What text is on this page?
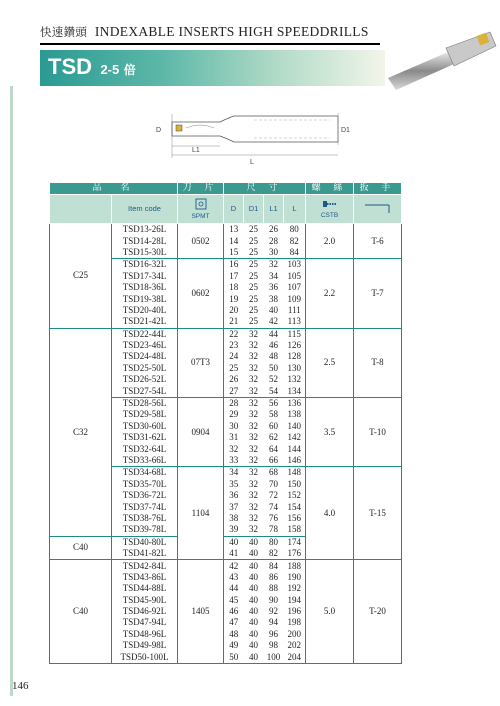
快速鑽頭 INDEXABLE INSERTS HIGH SPEEDDRILLS
TSD 2-5 倍
D	D1
L1
L
品　名		刀 片	尺 寸				螺 絲	扳 手
	Item code	SPMT	D	D1	L1	L	CSTB

C25	TSD13-26L	0502	13	25	26	80	2.0	T-6
	TSD14-28L		14	25	28	82		
	TSD15-30L		15	25	30	84		
	TSD16-32L	0602	16	25	32	103	2.2	T-7
	TSD17-34L		17	25	34	105		
	TSD18-36L		18	25	36	107		
	TSD19-38L		19	25	38	109		
	TSD20-40L		20	25	40	111		
	TSD21-42L		21	25	42	113		
C32	TSD22-44L	07T3	22	32	44	115	2.5	T-8
	TSD23-46L		23	32	46	126		
	TSD24-48L		24	32	48	128		
	TSD25-50L		25	32	50	130		
	TSD26-52L		26	32	52	132		
	TSD27-54L		27	32	54	134		
	TSD28-56L	0904	28	32	56	136	3.5	T-10
	TSD29-58L		29	32	58	138		
	TSD30-60L		30	32	60	140		
	TSD31-62L		31	32	62	142		
	TSD32-64L		32	32	64	144		
	TSD33-66L		33	32	66	146		
	TSD34-68L	1104	34	32	68	148	4.0	T-15
	TSD35-70L		35	32	70	150		
	TSD36-72L		36	32	72	152		
	TSD37-74L		37	32	74	154		
	TSD38-76L		38	32	76	156		
	TSD39-78L		39	32	78	158		
C40	TSD40-80L		40	40	80	174		
	TSD41-82L		41	40	82	176		
C40	TSD42-84L	1405	42	40	84	188	5.0	T-20
	TSD43-86L		43	40	86	190		
	TSD44-88L		44	40	88	192		
	TSD45-90L		45	40	90	194		
	TSD46-92L		46	40	92	196		
	TSD47-94L		47	40	94	198		
	TSD48-96L		48	40	96	200		
	TSD49-98L		49	40	98	202		
	TSD50-100L		50	40	100	204		
146
